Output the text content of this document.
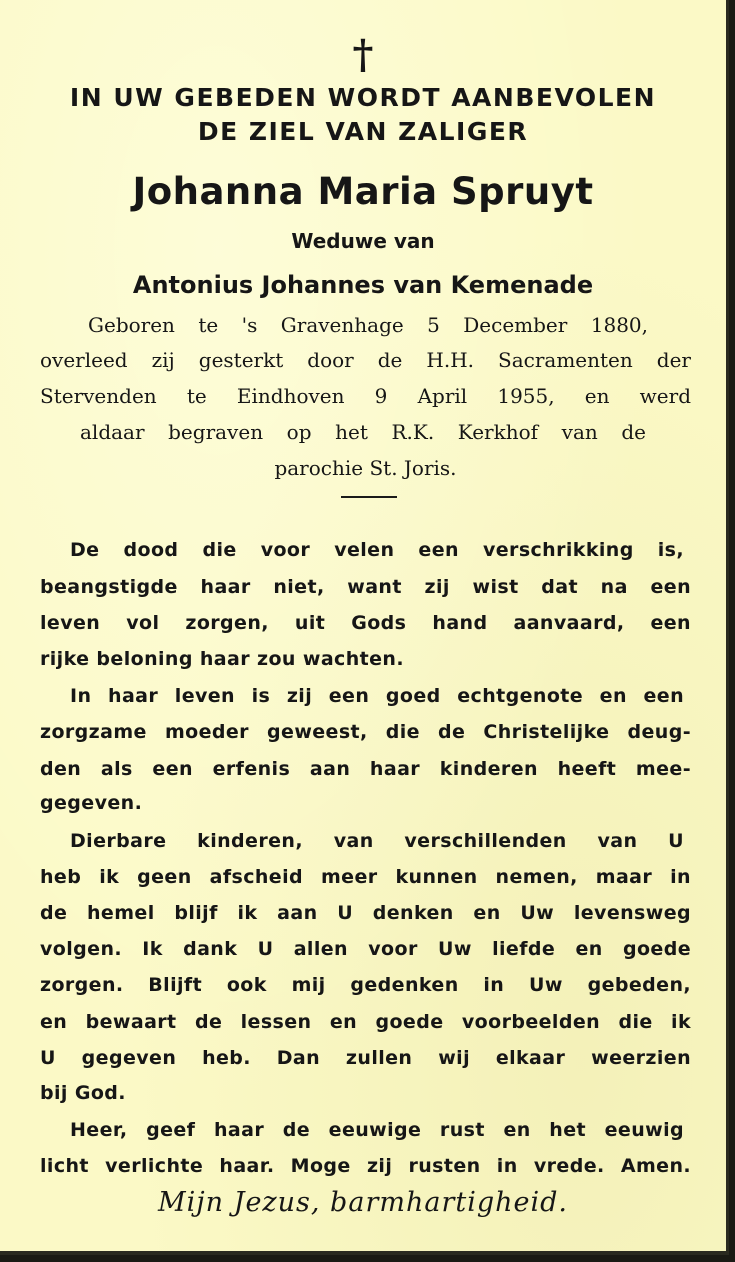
†
IN UW GEBEDEN WORDT AANBEVOLEN
DE ZIEL VAN ZALIGER
Johanna Maria Spruyt
Weduwe van
Antonius Johannes van Kemenade
Geboren te 's Gravenhage 5 December 1880,
overleed zij gesterkt door de H.H. Sacramenten der
Stervenden te Eindhoven 9 April 1955, en werd
aldaar begraven op het R.K. Kerkhof van de
parochie St. Joris.
De dood die voor velen een verschrikking is,
beangstigde haar niet, want zij wist dat na een
leven vol zorgen, uit Gods hand aanvaard, een
rijke beloning haar zou wachten.
In haar leven is zij een goed echtgenote en een
zorgzame moeder geweest, die de Christelijke deug-
den als een erfenis aan haar kinderen heeft mee-
gegeven.
Dierbare kinderen, van verschillenden van U
heb ik geen afscheid meer kunnen nemen, maar in
de hemel blijf ik aan U denken en Uw levensweg
volgen. Ik dank U allen voor Uw liefde en goede
zorgen. Blijft ook mij gedenken in Uw gebeden,
en bewaart de lessen en goede voorbeelden die ik
U gegeven heb. Dan zullen wij elkaar weerzien
bij God.
Heer, geef haar de eeuwige rust en het eeuwig
licht verlichte haar. Moge zij rusten in vrede. Amen.
Mijn Jezus, barmhartigheid.
